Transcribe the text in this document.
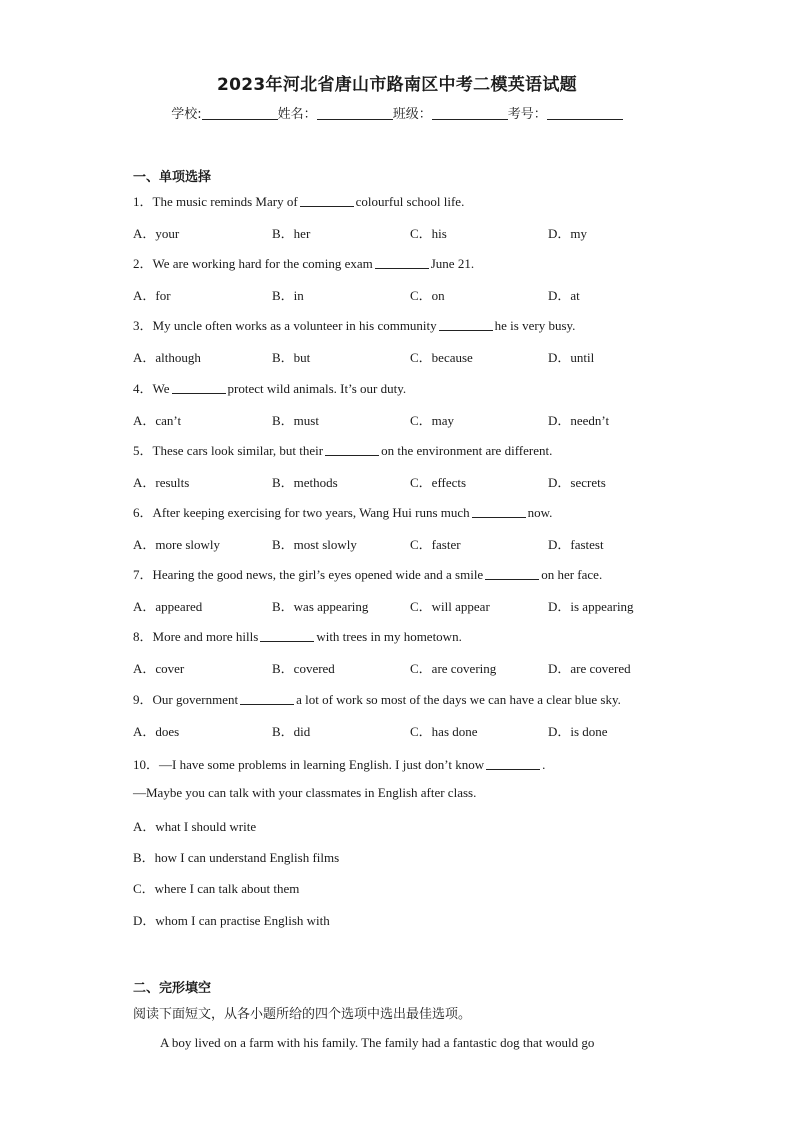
2023年河北省唐山市路南区中考二模英语试题
学校:	姓名：	班级：	考号：
一、单项选择
1．The music reminds Mary of	colourful school life.
A．your	B．her	C．his	D．my
2．We are working hard for the coming exam	June 21.
A．for	B．in	C．on	D．at
3．My uncle often works as a volunteer in his community	he is very busy.
A．although	B．but	C．because	D．until
4．We	protect wild animals. It’s our duty.
A．can’t	B．must	C．may	D．needn’t
5．These cars look similar, but their	on the environment are different.
A．results	B．methods	C．effects	D．secrets
6．After keeping exercising for two years, Wang Hui runs much	now.
A．more slowly	B．most slowly	C．faster	D．fastest
7．Hearing the good news, the girl’s eyes opened wide and a smile	on her face.
A．appeared	B．was appearing	C．will appear	D．is appearing
8．More and more hills	with trees in my hometown.
A．cover	B．covered	C．are covering	D．are covered
9．Our government	a lot of work so most of the days we can have a clear blue sky.
A．does	B．did	C．has done	D．is done
10．—I have some problems in learning English. I just don’t know	.
—Maybe you can talk with your classmates in English after class.
A．what I should write
B．how I can understand English films
C．where I can talk about them
D．whom I can practise English with
二、完形填空
阅读下面短文，从各小题所给的四个选项中选出最佳选项。
A boy lived on a farm with his family. The family had a fantastic dog that would go
